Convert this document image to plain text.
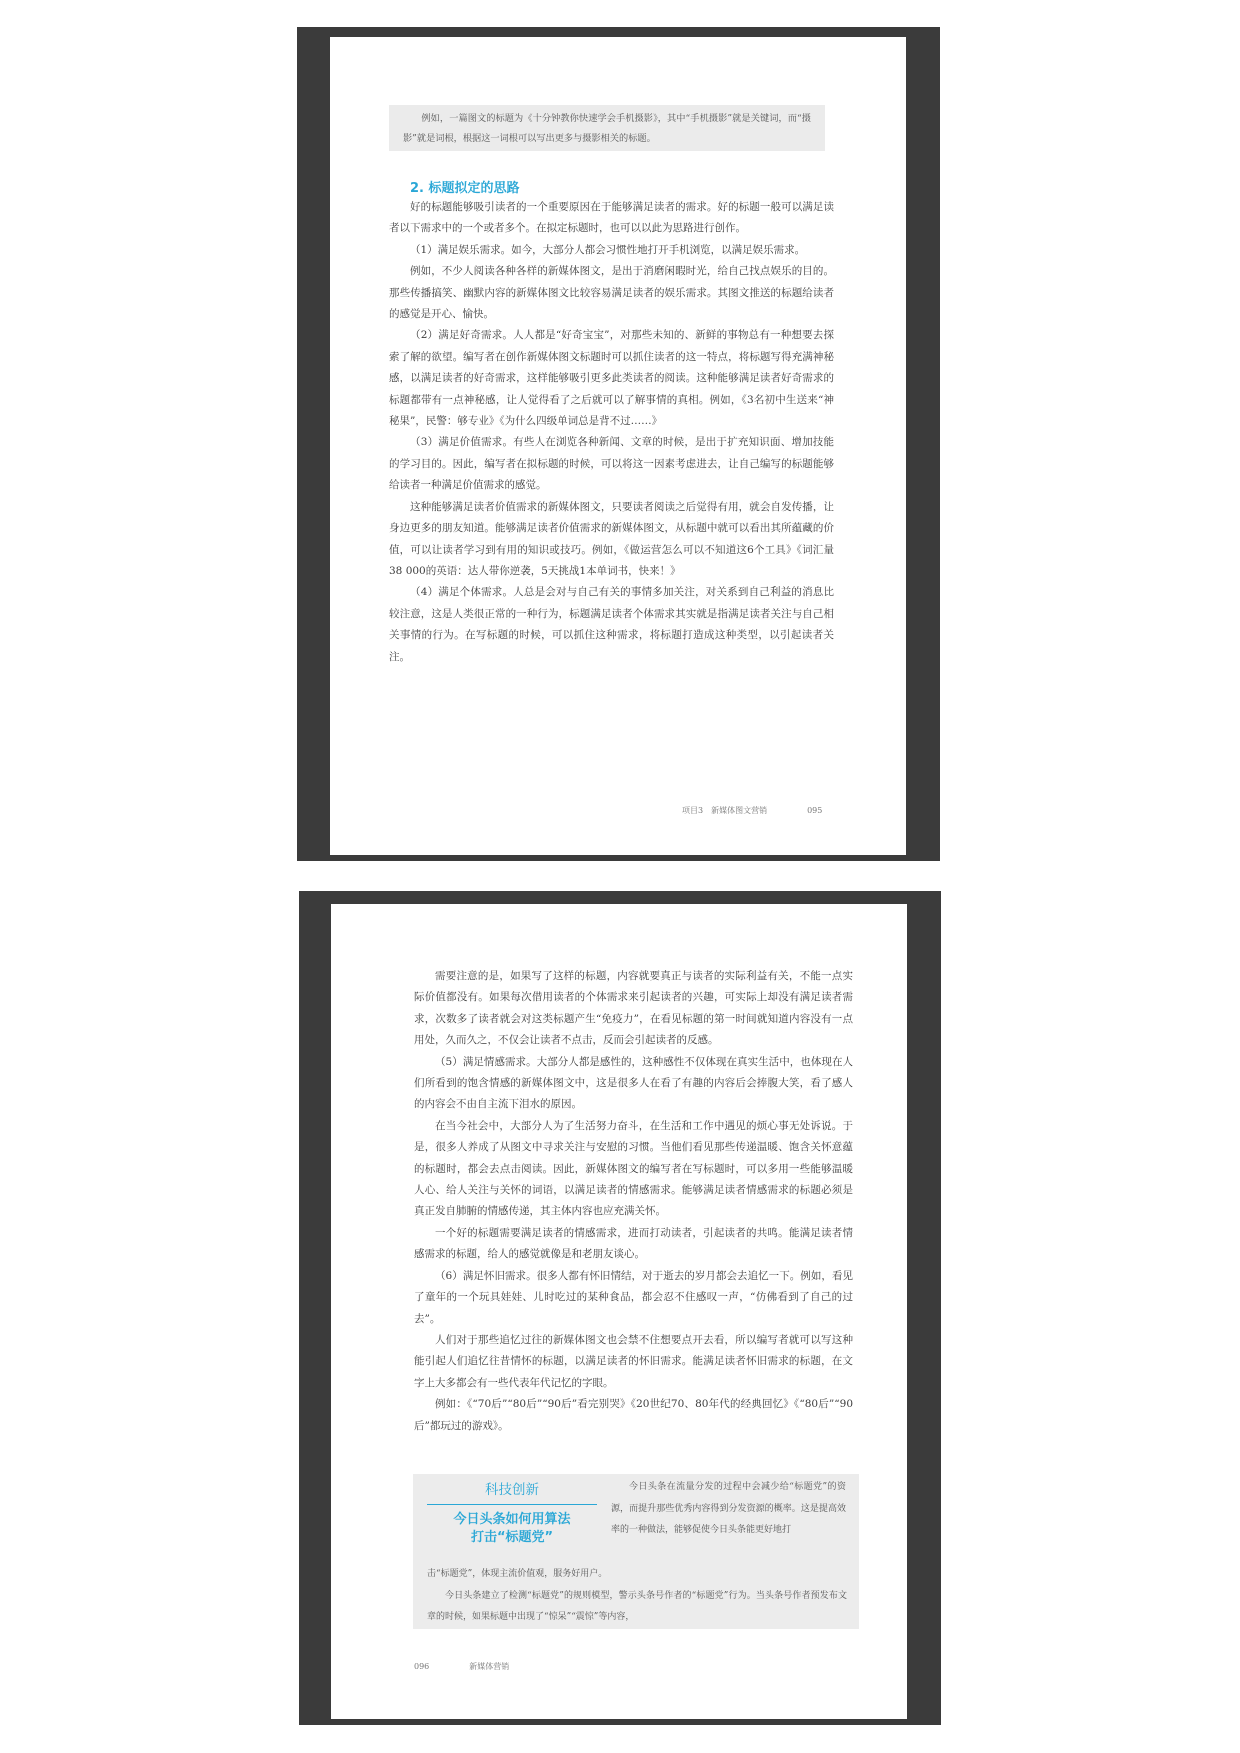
例如，一篇图文的标题为《十分钟教你快速学会手机摄影》，其中“手机摄影”就是关键词，而“摄影”就是词根，根据这一词根可以写出更多与摄影相关的标题。

2. 标题拟定的思路

好的标题能够吸引读者的一个重要原因在于能够满足读者的需求。好的标题一般可以满足读者以下需求中的一个或者多个。在拟定标题时，也可以以此为思路进行创作。

（1）满足娱乐需求。如今，大部分人都会习惯性地打开手机浏览，以满足娱乐需求。

例如，不少人阅读各种各样的新媒体图文，是出于消磨闲暇时光，给自己找点娱乐的目的。那些传播搞笑、幽默内容的新媒体图文比较容易满足读者的娱乐需求。其图文推送的标题给读者的感觉是开心、愉快。

（2）满足好奇需求。人人都是“好奇宝宝”，对那些未知的、新鲜的事物总有一种想要去探索了解的欲望。编写者在创作新媒体图文标题时可以抓住读者的这一特点，将标题写得充满神秘感，以满足读者的好奇需求，这样能够吸引更多此类读者的阅读。这种能够满足读者好奇需求的标题都带有一点神秘感，让人觉得看了之后就可以了解事情的真相。例如，《3名初中生送来“神秘果”，民警：够专业》《为什么四级单词总是背不过……》

（3）满足价值需求。有些人在浏览各种新闻、文章的时候，是出于扩充知识面、增加技能的学习目的。因此，编写者在拟标题的时候，可以将这一因素考虑进去，让自己编写的标题能够给读者一种满足价值需求的感觉。

这种能够满足读者价值需求的新媒体图文，只要读者阅读之后觉得有用，就会自发传播，让身边更多的朋友知道。能够满足读者价值需求的新媒体图文，从标题中就可以看出其所蕴藏的价值，可以让读者学习到有用的知识或技巧。例如，《做运营怎么可以不知道这6个工具》《词汇量38 000的英语：达人带你逆袭，5天挑战1本单词书，快来！》

（4）满足个体需求。人总是会对与自己有关的事情多加关注，对关系到自己利益的消息比较注意，这是人类很正常的一种行为，标题满足读者个体需求其实就是指满足读者关注与自己相关事情的行为。在写标题的时候，可以抓住这种需求，将标题打造成这种类型，以引起读者关注。

项目3　新媒体图文营销	095

需要注意的是，如果写了这样的标题，内容就要真正与读者的实际利益有关，不能一点实际价值都没有。如果每次借用读者的个体需求来引起读者的兴趣，可实际上却没有满足读者需求，次数多了读者就会对这类标题产生“免疫力”，在看见标题的第一时间就知道内容没有一点用处，久而久之，不仅会让读者不点击，反而会引起读者的反感。

（5）满足情感需求。大部分人都是感性的，这种感性不仅体现在真实生活中，也体现在人们所看到的饱含情感的新媒体图文中，这是很多人在看了有趣的内容后会捧腹大笑，看了感人的内容会不由自主流下泪水的原因。

在当今社会中，大部分人为了生活努力奋斗，在生活和工作中遇见的烦心事无处诉说。于是，很多人养成了从图文中寻求关注与安慰的习惯。当他们看见那些传递温暖、饱含关怀意蕴的标题时，都会去点击阅读。因此，新媒体图文的编写者在写标题时，可以多用一些能够温暖人心、给人关注与关怀的词语，以满足读者的情感需求。能够满足读者情感需求的标题必须是真正发自肺腑的情感传递，其主体内容也应充满关怀。

一个好的标题需要满足读者的情感需求，进而打动读者，引起读者的共鸣。能满足读者情感需求的标题，给人的感觉就像是和老朋友谈心。

（6）满足怀旧需求。很多人都有怀旧情结，对于逝去的岁月都会去追忆一下。例如，看见了童年的一个玩具娃娃、儿时吃过的某种食品，都会忍不住感叹一声，“仿佛看到了自己的过去”。

人们对于那些追忆过往的新媒体图文也会禁不住想要点开去看，所以编写者就可以写这种能引起人们追忆往昔情怀的标题，以满足读者的怀旧需求。能满足读者怀旧需求的标题，在文字上大多都会有一些代表年代记忆的字眼。

例如：《“70后”“80后”“90后”看完别哭》《20世纪70、80年代的经典回忆》《“80后”“90后”都玩过的游戏》。

科技创新
今日头条如何用算法
打击“标题党”

今日头条在流量分发的过程中会减少给“标题党”的资源，而提升那些优秀内容得到分发资源的概率。这是提高效率的一种做法，能够促使今日头条能更好地打

击“标题党”，体现主流价值观，服务好用户。

今日头条建立了检测“标题党”的规则模型，警示头条号作者的“标题党”行为。当头条号作者预发布文章的时候，如果标题中出现了“惊呆”“震惊”等内容，

096	新媒体营销
